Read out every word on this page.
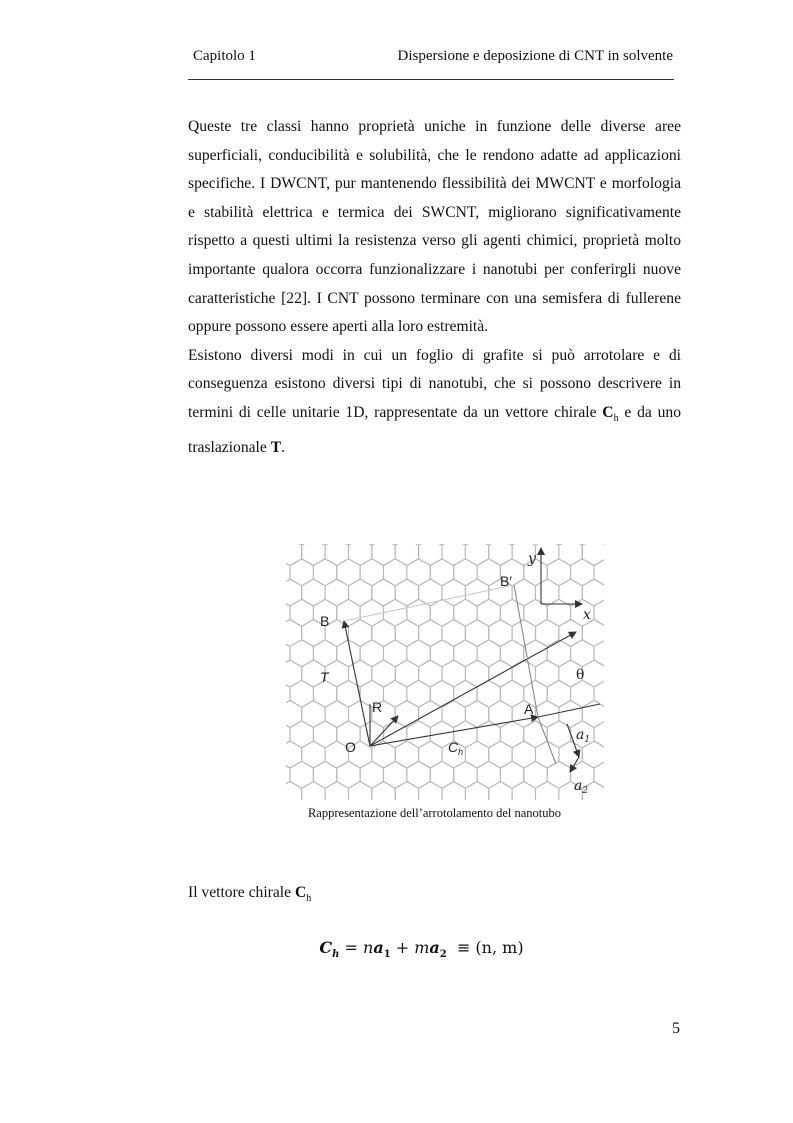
Capitolo 1	Dispersione e deposizione di CNT in solvente

Queste tre classi hanno proprietà uniche in funzione delle diverse aree superficiali, conducibilità e solubilità, che le rendono adatte ad applicazioni specifiche. I DWCNT, pur mantenendo flessibilità dei MWCNT e morfologia e stabilità elettrica e termica dei SWCNT, migliorano significativamente rispetto a questi ultimi la resistenza verso gli agenti chimici, proprietà molto importante qualora occorra funzionalizzare i nanotubi per conferirgli nuove caratteristiche [22]. I CNT possono terminare con una semisfera di fullerene oppure possono essere aperti alla loro estremità.

Esistono diversi modi in cui un foglio di grafite si può arrotolare e di conseguenza esistono diversi tipi di nanotubi, che si possono descrivere in termini di celle unitarie 1D, rappresentate da un vettore chirale $C_h$ e da uno traslazionale T.

B
B′
T
R
O
A
$C_h$
θ
$a_1$
$a_2$
x
y
Rappresentazione dell’arrotolamento del nanotubo
Il vettore chirale $C_h$
$C_h = na_1 + ma_2 \equiv (n$, m)
5
